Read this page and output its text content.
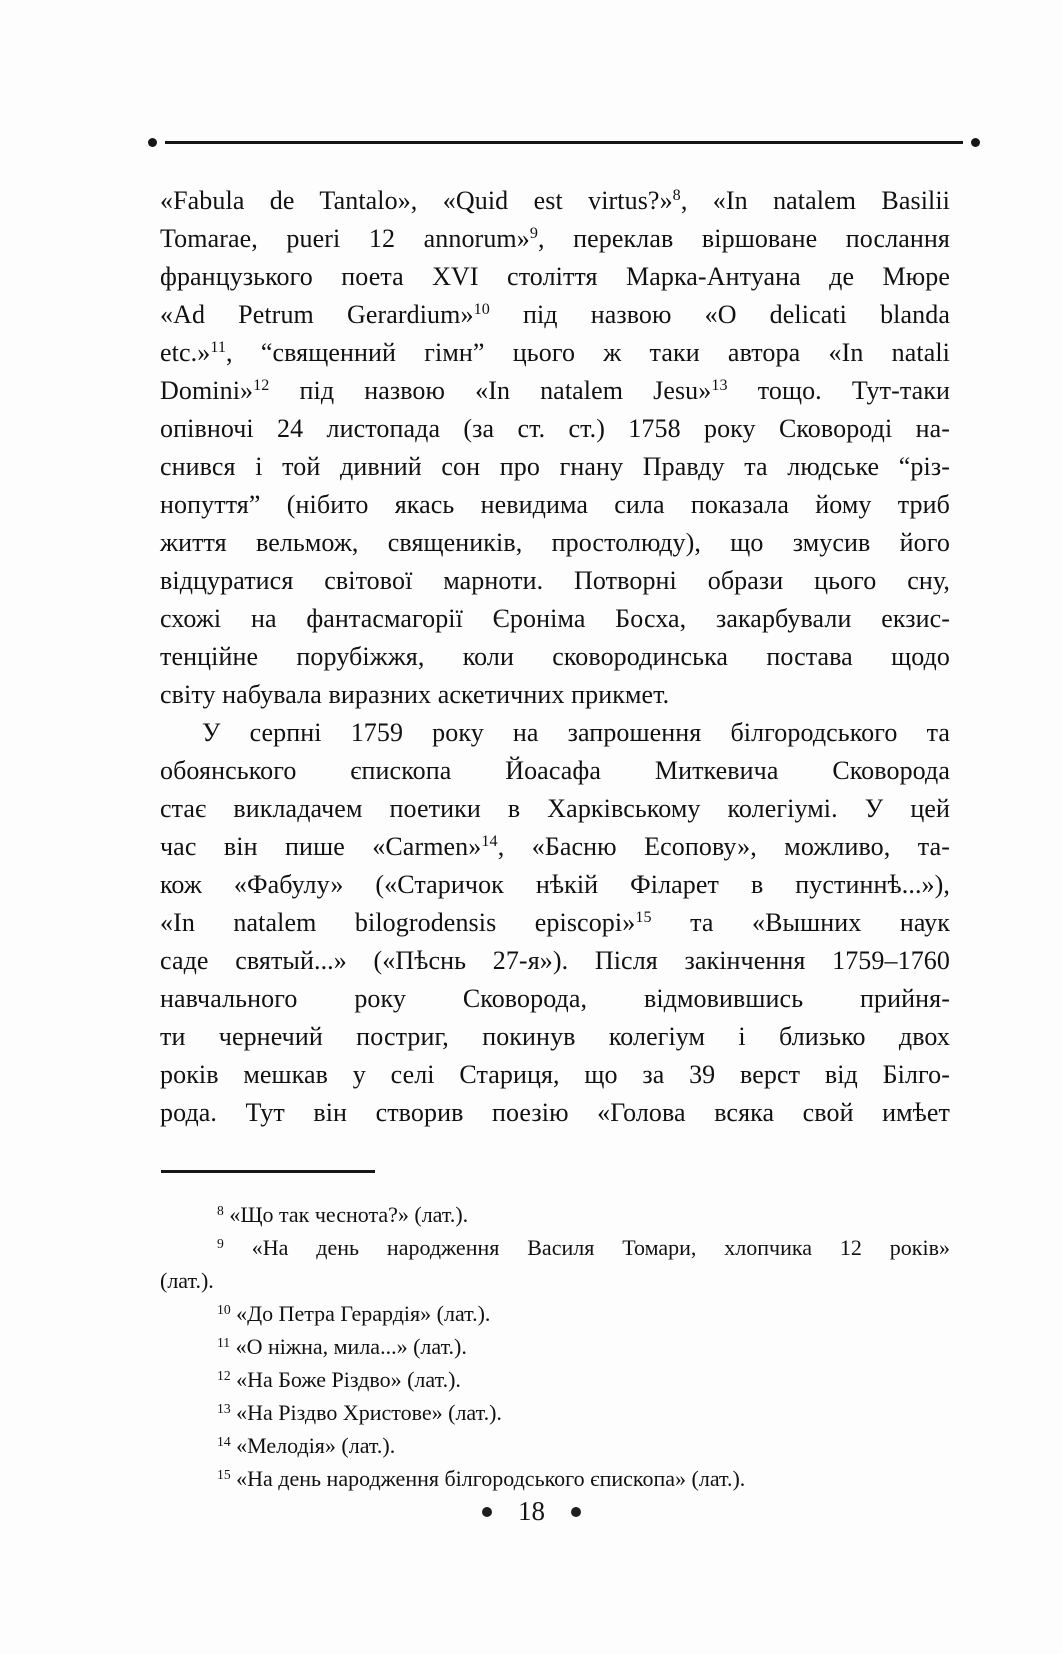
«Fabula de Tantalo», «Quid est virtus?»$^8$, «In natalem Basilii
Tomarae, pueri 12 annorum»$^9$, переклав віршоване послання
французького поета XVI століття Марка-Антуана де Мюре
«Ad Petrum Gerardium»$^{10}$ під назвою «O delicati blanda
etc.»$^{11}$, “священний гімн” цього ж таки автора «In natali
Domini»$^{12}$ під назвою «In natalem Jesu»$^{13}$ тощо. Тут-таки
опівночі 24 листопада (за ст. ст.) 1758 року Сковороді на-
снився і той дивний сон про гнану Правду та людське “різ-
нопуття” (нібито якась невидима сила показала йому триб
життя вельмож, священиків, простолюду), що змусив його
відцуратися світової марноти. Потворні образи цього сну,
схожі на фантасмагорії Єроніма Босха, закарбували екзис-
тенційне порубіжжя, коли сковородинська постава щодо
світу набувала виразних аскетичних прикмет.
У серпні 1759 року на запрошення білгородського та
обоянського єпископа Йоасафа Миткевича Сковорода
стає викладачем поетики в Харківському колегіумі. У цей
час він пише «Carmen»$^{14}$, «Басню Есопову», можливо, та-
кож «Фабулу» («Старичок нѣкій Філарет в пустиннѣ...»),
«In natalem bilogrodensis episcopi»$^{15}$ та «Вышних наук
саде святый...» («Пѣснь 27-я»). Після закінчення 1759–1760
навчального року Сковорода, відмовившись прийня-
ти чернечий постриг, покинув колегіум і близько двох
років мешкав у селі Стариця, що за 39 верст від Білго-
рода. Тут він створив поезію «Голова всяка свой имѣет
$^8$ «Що так чеснота?» (лат.).
$^9$ «На день народження Василя Томари, хлопчика 12 років»
(лат.).
$^{10}$ «До Петра Герардія» (лат.).
$^{11}$ «О ніжна, мила...» (лат.).
$^{12}$ «На Боже Різдво» (лат.).
$^{13}$ «На Різдво Христове» (лат.).
$^{14}$ «Мелодія» (лат.).
$^{15}$ «На день народження білгородського єпископа» (лат.).
18
